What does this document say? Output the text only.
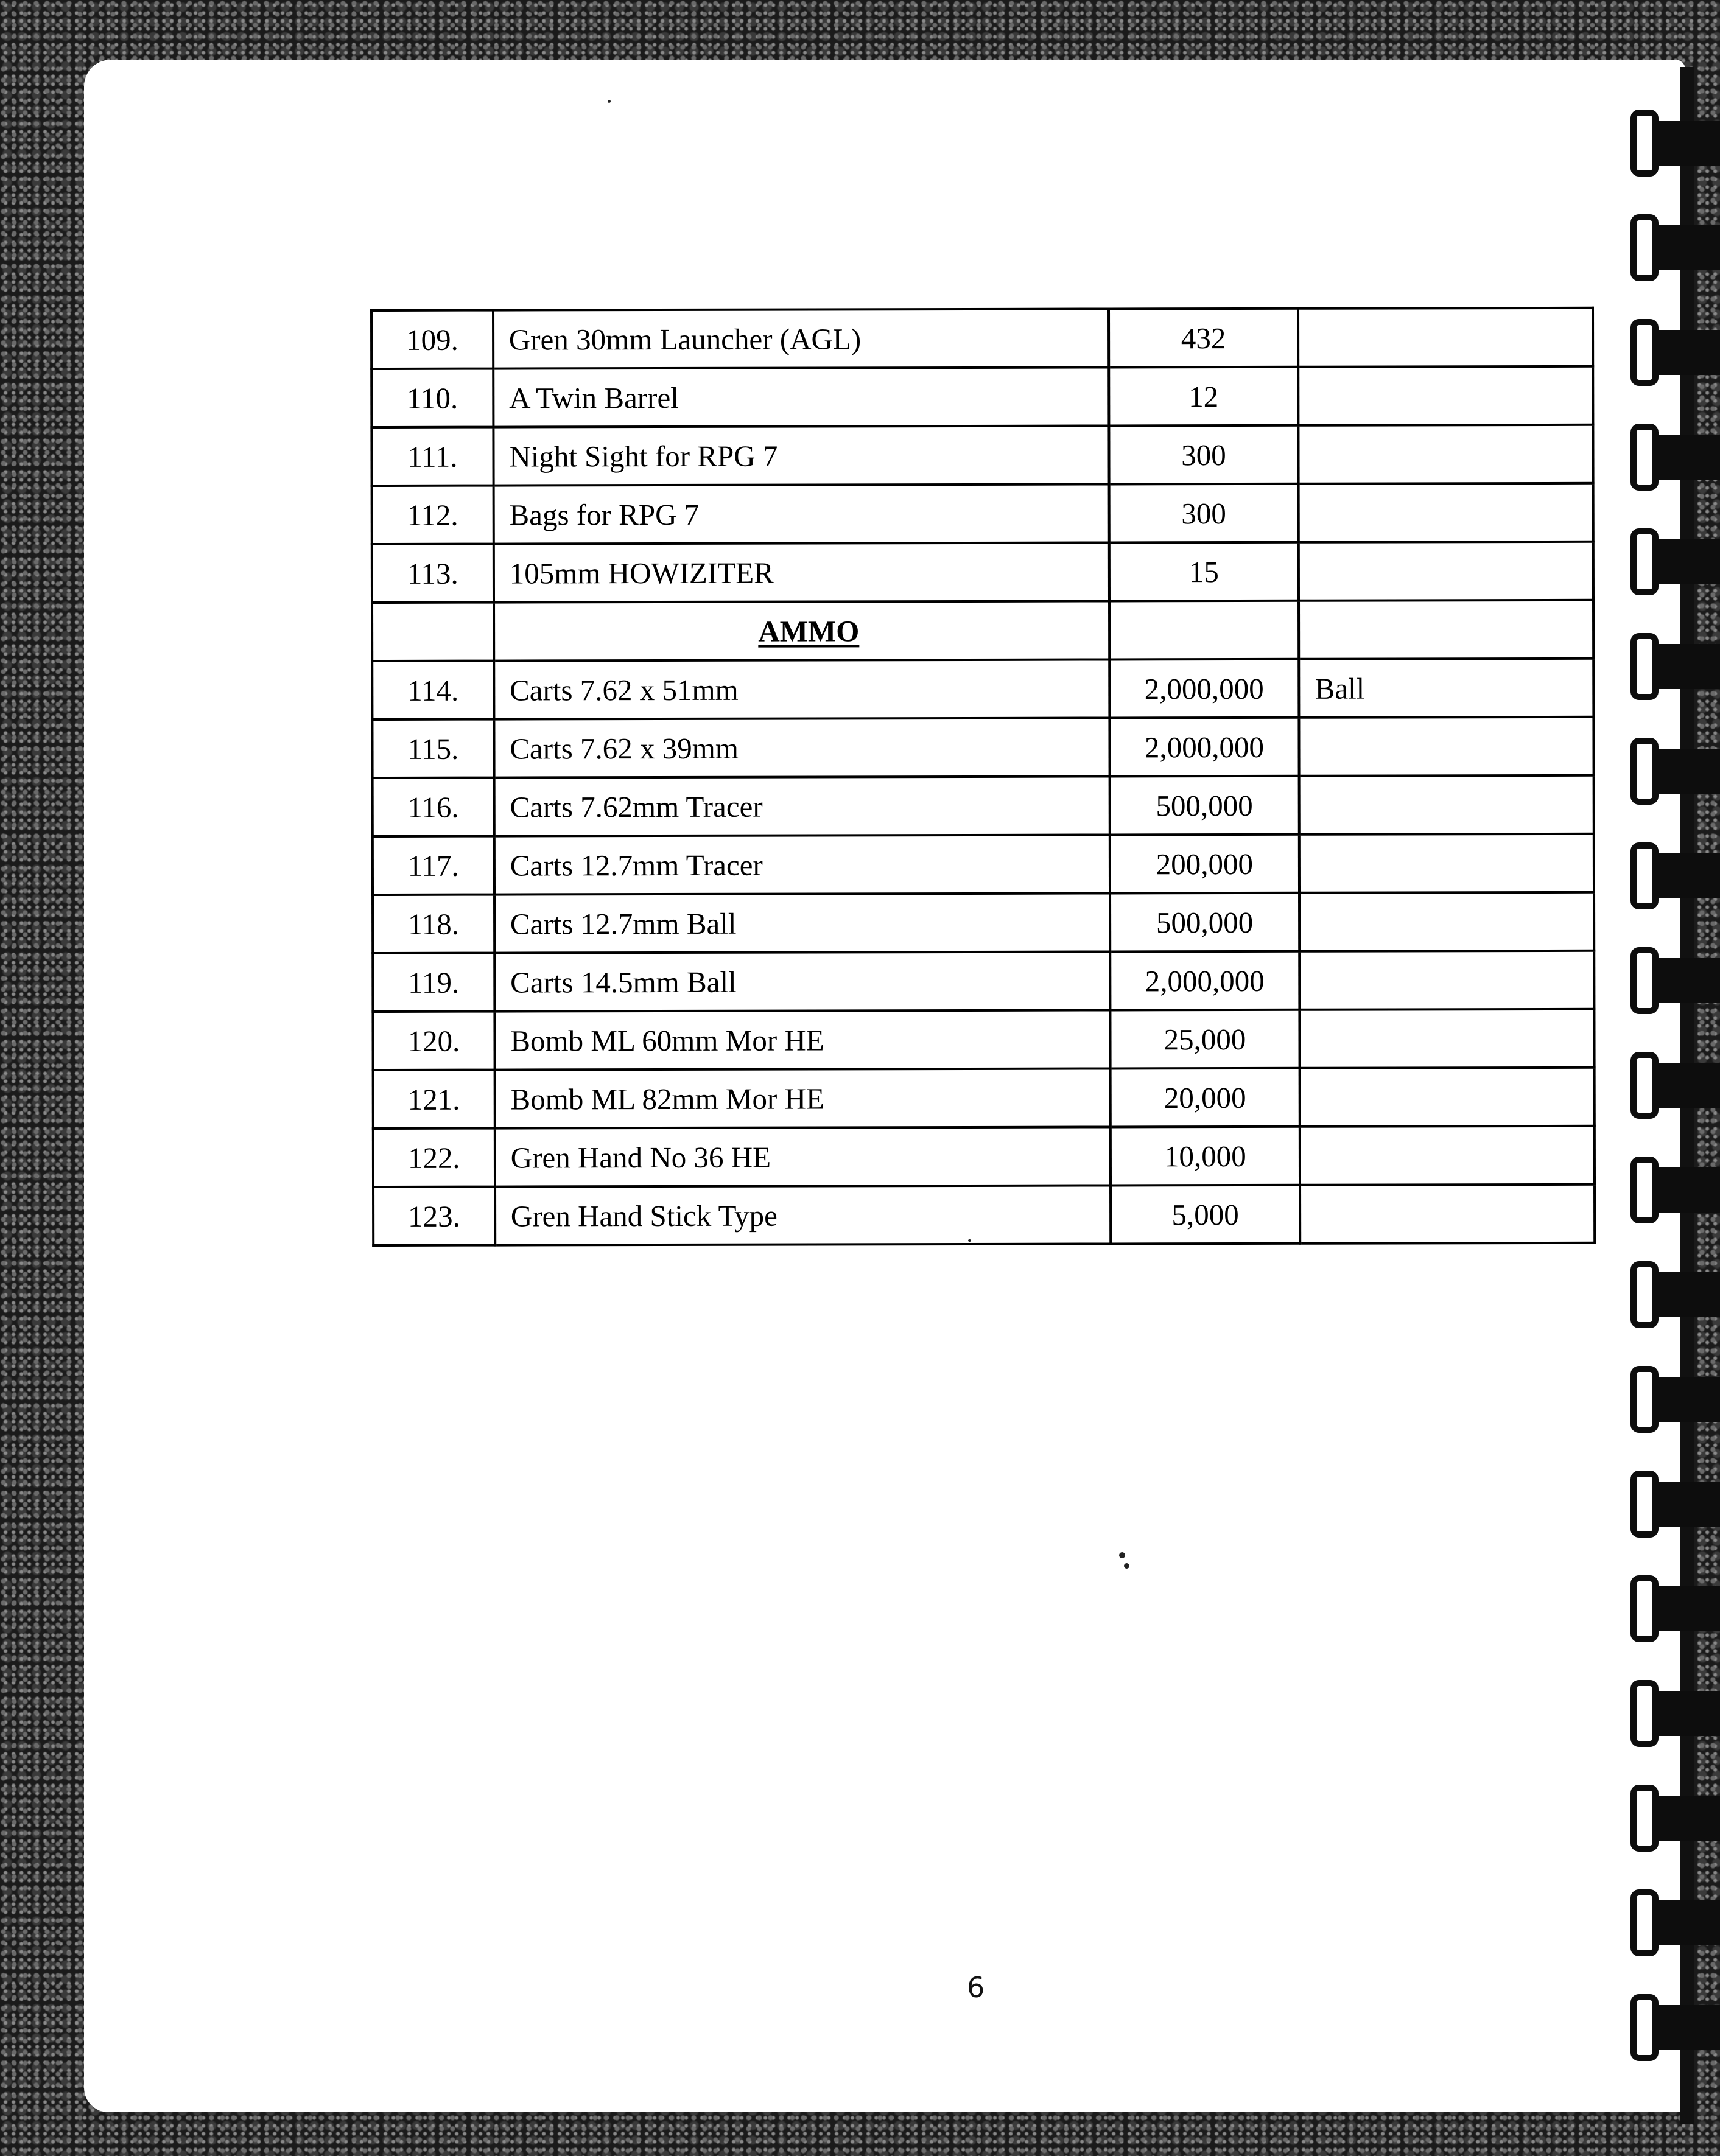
109.	Gren 30mm Launcher (AGL)	432	
110.	A Twin Barrel	12	
111.	Night Sight for RPG 7	300	
112.	Bags for RPG 7	300	
113.	105mm HOWIZITER	15	
	AMMO		
114.	Carts 7.62 x 51mm	2,000,000	Ball
115.	Carts 7.62 x 39mm	2,000,000	
116.	Carts 7.62mm Tracer	500,000	
117.	Carts 12.7mm Tracer	200,000	
118.	Carts 12.7mm Ball	500,000	
119.	Carts 14.5mm Ball	2,000,000	
120.	Bomb ML 60mm Mor HE	25,000	
121.	Bomb ML 82mm Mor HE	20,000	
122.	Gren Hand No 36 HE	10,000	
123.	Gren Hand Stick Type	5,000	
6
